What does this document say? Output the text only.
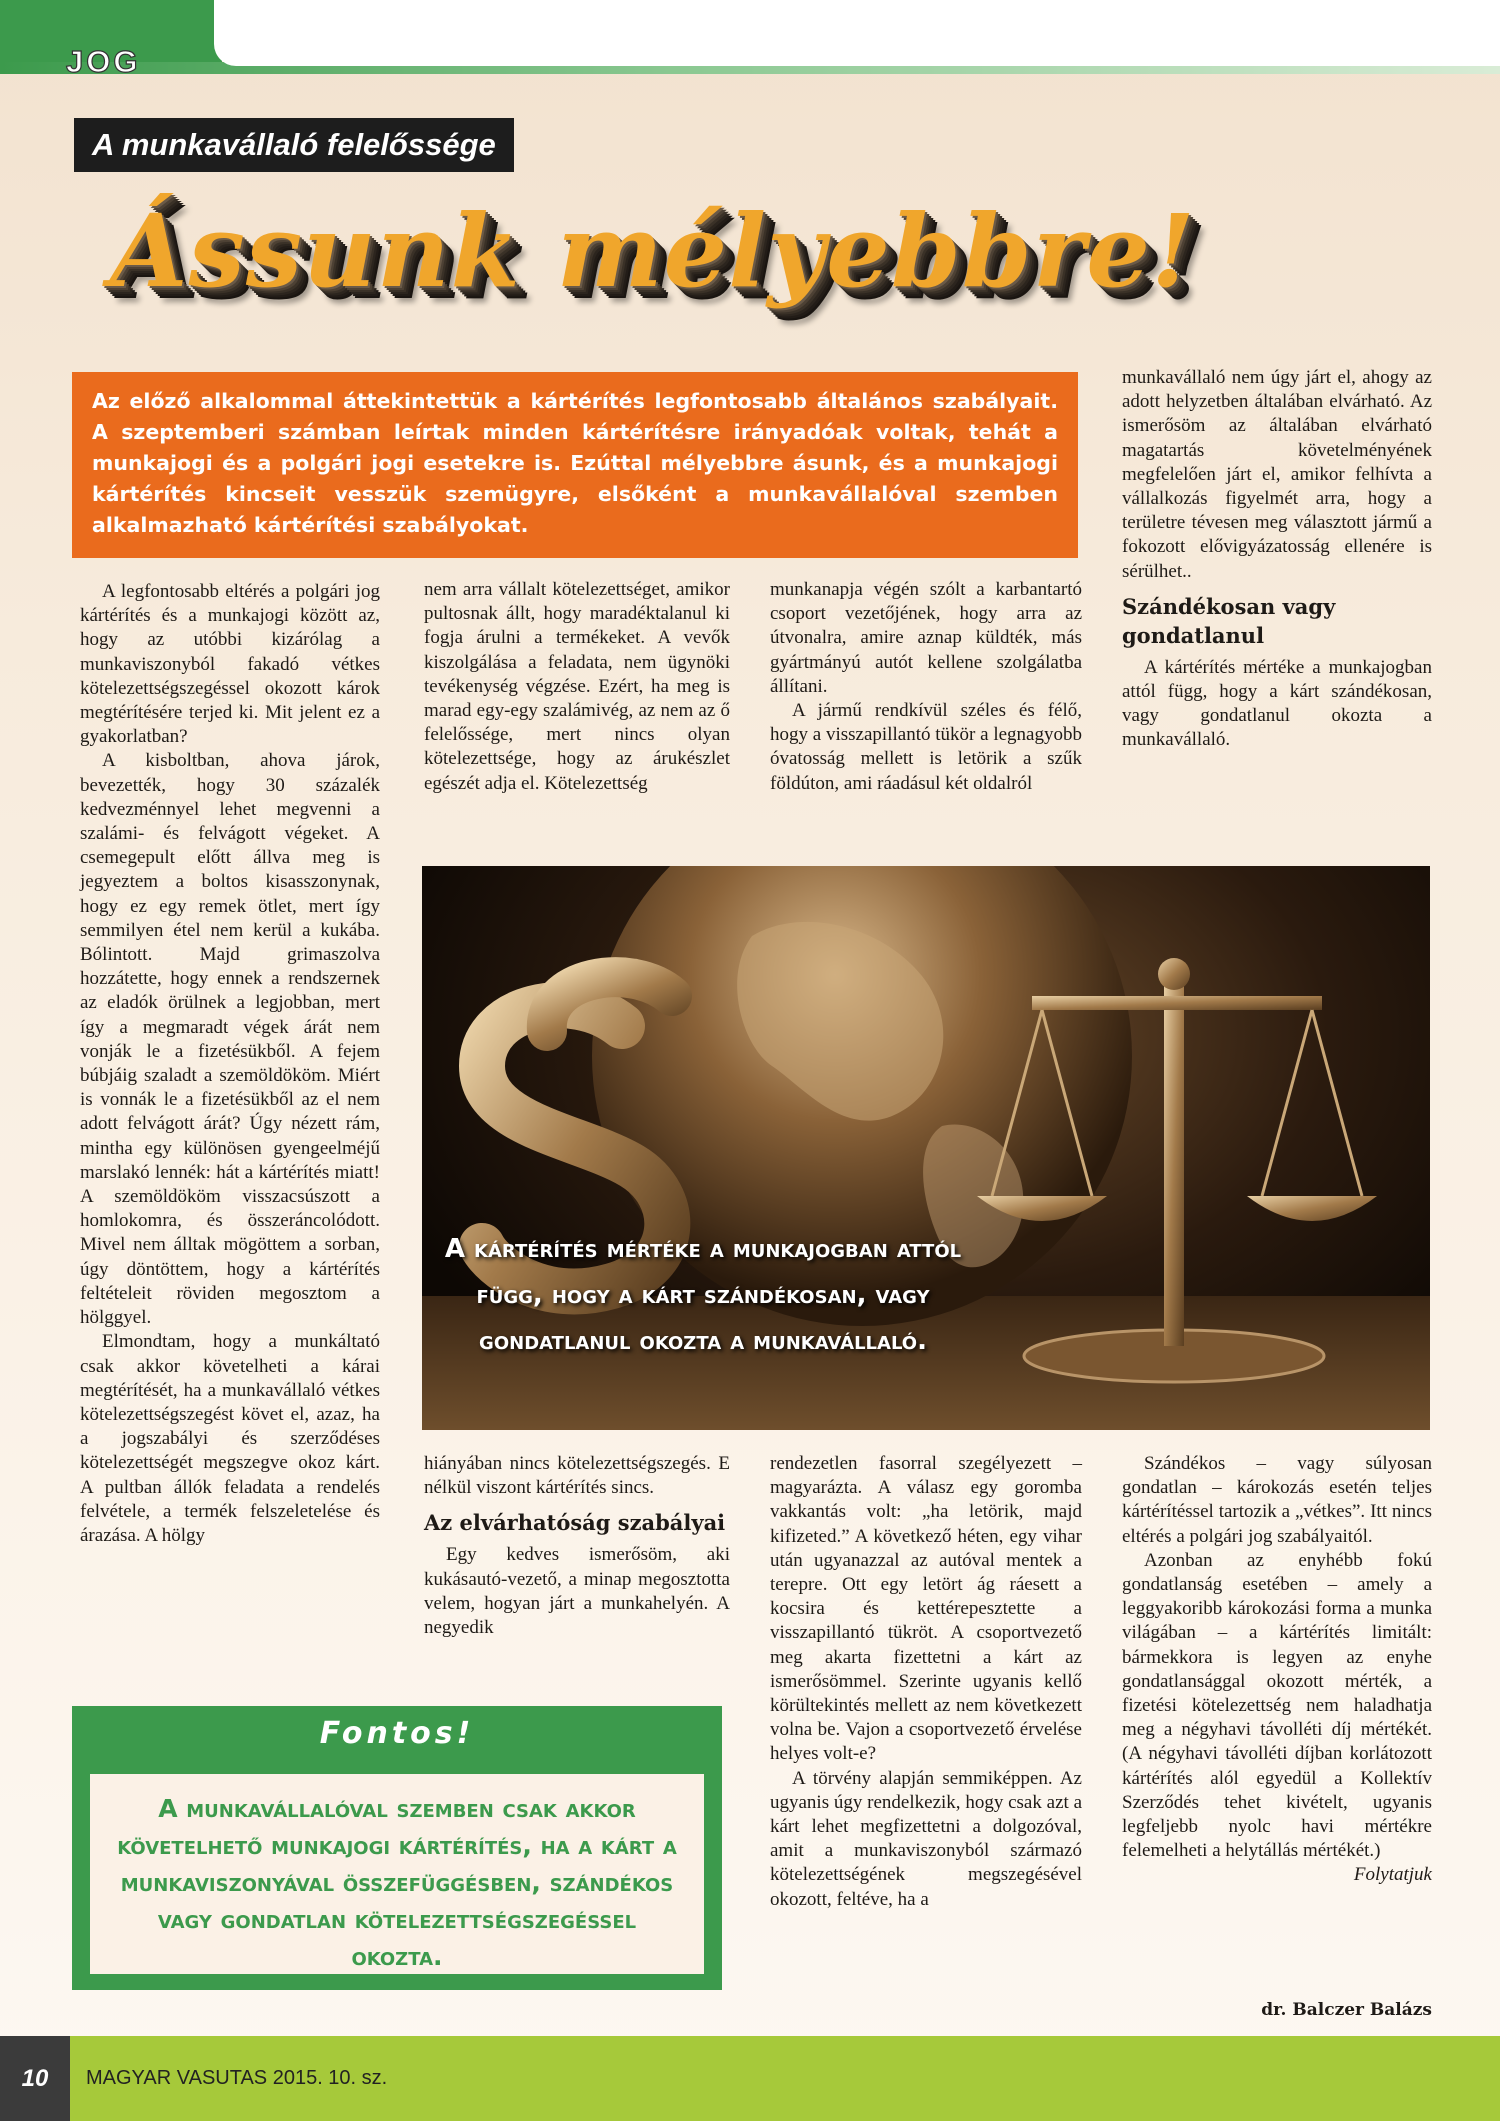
JOG
A munkavállaló felelőssége
Ássunk mélyebbre!
Az előző alkalommal áttekintettük a kártérítés legfontosabb általános szabályait. A szeptemberi számban leírtak minden kártérítésre irányadóak voltak, tehát a munkajogi és a polgári jogi esetekre is. Ezúttal mélyebbre ásunk, és a munkajogi kártérítés kincseit vesszük szemügyre, elsőként a munkavállalóval szemben alkalmazható kártérítési szabályokat.

A legfontosabb eltérés a polgári jog kártérítés és a munkajogi között az, hogy az utóbbi kizárólag a munkaviszonyból fakadó vétkes kötelezettségszegéssel okozott károk megtérítésére terjed ki. Mit jelent ez a gyakorlatban?

A kisboltban, ahova járok, bevezették, hogy 30 százalék kedvezménnyel lehet megvenni a szalámi- és felvágott végeket. A csemegepult előtt állva meg is jegyeztem a boltos kisasszonynak, hogy ez egy remek ötlet, mert így semmilyen étel nem kerül a kukába. Bólintott. Majd grimaszolva hozzátette, hogy ennek a rendszernek az eladók örülnek a legjobban, mert így a megmaradt végek árát nem vonják le a fizetésükből. A fejem búbjáig szaladt a szemöldököm. Miért is vonnák le a fizetésükből az el nem adott felvágott árát? Úgy nézett rám, mintha egy különösen gyengeelméjű marslakó lennék: hát a kártérítés miatt! A szemöldököm visszacsúszott a homlokomra, és összeráncolódott. Mivel nem álltak mögöttem a sorban, úgy döntöttem, hogy a kártérítés feltételeit röviden megosztom a hölggyel.

Elmondtam, hogy a munkáltató csak akkor követelheti a kárai megtérítését, ha a munkavállaló vétkes kötelezettségszegést követ el, azaz, ha a jogszabályi és szerződéses kötelezettségét megszegve okoz kárt. A pultban állók feladata a rendelés felvétele, a termék felszeletelése és árazása. A hölgy

nem arra vállalt kötelezettséget, amikor pultosnak állt, hogy maradéktalanul ki fogja árulni a termékeket. A vevők kiszolgálása a feladata, nem ügynöki tevékenység végzése. Ezért, ha meg is marad egy-egy szalámivég, az nem az ő felelőssége, mert nincs olyan kötelezettsége, hogy az árukészlet egészét adja el. Kötelezettség

munkanapja végén szólt a karbantartó csoport vezetőjének, hogy arra az útvonalra, amire aznap küldték, más gyártmányú autót kellene szolgálatba állítani.

A jármű rendkívül széles és félő, hogy a visszapillantó tükör a legnagyobb óvatosság mellett is letörik a szűk földúton, ami ráadásul két oldalról

munkavállaló nem úgy járt el, ahogy az adott helyzetben általában elvárható. Az ismerősöm az általában elvárható magatartás követelményének megfelelően járt el, amikor felhívta a vállalkozás figyelmét arra, hogy a területre tévesen meg választott jármű a fokozott elővigyázatosság ellenére is sérülhet..

Szándékosan vagy gondatlanul

A kártérítés mértéke a munkajogban attól függ, hogy a kárt szándékosan, vagy gondatlanul okozta a munkavállaló.

A kártérítés mértéke a munkajogban attól függ, hogy a kárt szándékosan, vagy gondatlanul okozta a munkavállaló.

hiányában nincs kötelezettségszegés. E nélkül viszont kártérítés sincs.

Az elvárhatóság szabályai

Egy kedves ismerősöm, aki kukásautó-vezető, a minap megosztotta velem, hogyan járt a munkahelyén. A negyedik

rendezetlen fasorral szegélyezett – magyarázta. A válasz egy goromba vakkantás volt: „ha letörik, majd kifizeted.” A következő héten, egy vihar után ugyanazzal az autóval mentek a terepre. Ott egy letört ág ráesett a kocsira és kettérepesztette a visszapillantó tükröt. A csoportvezető meg akarta fizettetni a kárt az ismerősömmel. Szerinte ugyanis kellő körültekintés mellett az nem következett volna be. Vajon a csoportvezető érvelése helyes volt-e?

A törvény alapján semmiképpen. Az ugyanis úgy rendelkezik, hogy csak azt a kárt lehet megfizettetni a dolgozóval, amit a munkaviszonyból származó kötelezettségének megszegésével okozott, feltéve, ha a

Szándékos – vagy súlyosan gondatlan – károkozás esetén teljes kártérítéssel tartozik a „vétkes”. Itt nincs eltérés a polgári jog szabályaitól.

Azonban az enyhébb fokú gondatlanság esetében – amely a leggyakoribb károkozási forma a munka világában – a kártérítés limitált: bármekkora is legyen az enyhe gondatlansággal okozott mérték, a fizetési kötelezettség nem haladhatja meg a négyhavi távolléti díj mértékét. (A négyhavi távolléti díjban korlátozott kártérítés alól egyedül a Kollektív Szerződés tehet kivételt, ugyanis legfeljebb nyolc havi mértékre felemelheti a helytállás mértékét.)

Folytatjuk

dr. Balczer Balázs
Fontos!
A munkavállalóval szemben csak akkor követelhető munkajogi kártérítés, ha a kárt a munkaviszonyával összefüggésben, szándékos vagy gondatlan kötelezettségszegéssel okozta.
10	MAGYAR VASUTAS 2015. 10. sz.
